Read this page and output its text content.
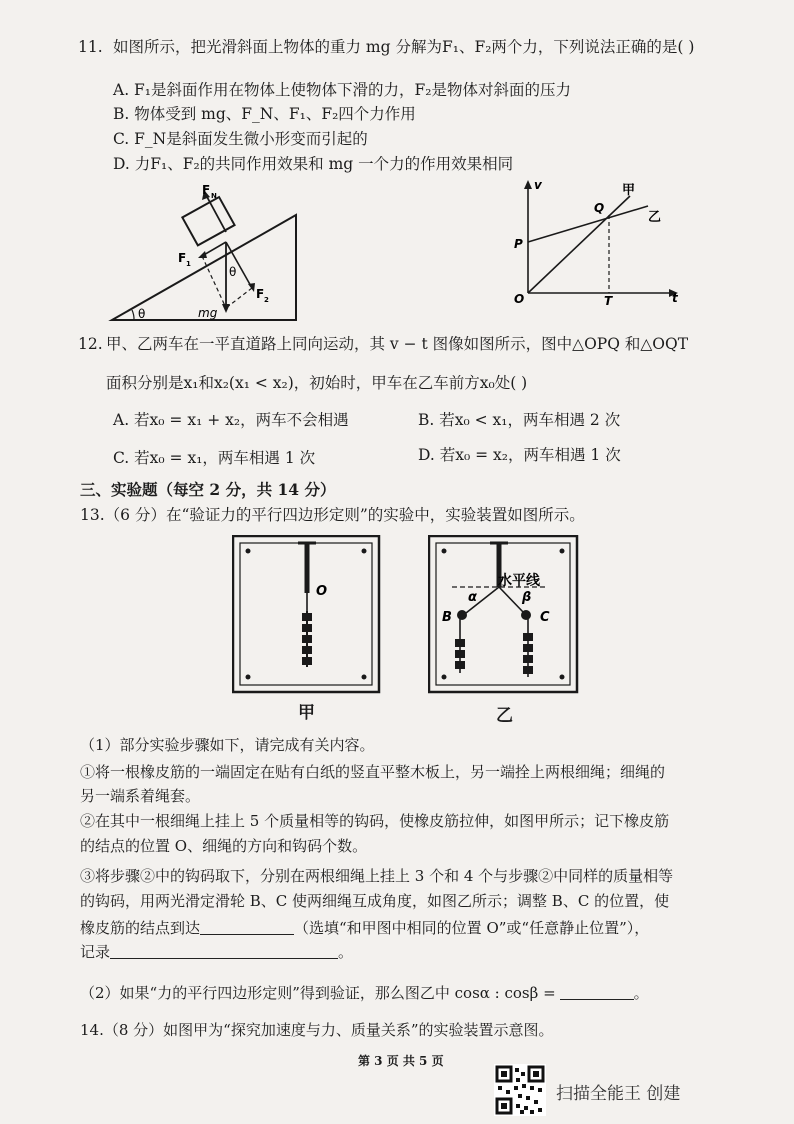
11. 如图所示，把光滑斜面上物体的重力 mg 分解为F₁、F₂两个力，下列说法正确的是( )
A. F₁是斜面作用在物体上使物体下滑的力，F₂是物体对斜面的压力
B. 物体受到 mg、F_N、F₁、F₂四个力作用
C. F_N是斜面发生微小形变而引起的
D. 力F₁、F₂的共同作用效果和 mg 一个力的作用效果相同
F N
F 1
F 2
θ
mg
θ
v
t
甲
乙
Q
P
O	T
12. 甲、乙两车在一平直道路上同向运动，其 v − t 图像如图所示，图中△OPQ 和△OQT
面积分别是x₁和x₂(x₁ < x₂)，初始时，甲车在乙车前方x₀处( )
A. 若x₀ = x₁ + x₂，两车不会相遇	B. 若x₀ < x₁，两车相遇 2 次
C. 若x₀ = x₁，两车相遇 1 次	D. 若x₀ = x₂，两车相遇 1 次
三、实验题（每空 2 分，共 14 分）
13.（6 分）在“验证力的平行四边形定则”的实验中，实验装置如图所示。
O
甲
水平线
α	β
B	C
乙
（1）部分实验步骤如下，请完成有关内容。
①将一根橡皮筋的一端固定在贴有白纸的竖直平整木板上，另一端拴上两根细绳；细绳的
另一端系着绳套。
②在其中一根细绳上挂上 5 个质量相等的钩码，使橡皮筋拉伸，如图甲所示；记下橡皮筋
的结点的位置 O、细绳的方向和钩码个数。
③将步骤②中的钩码取下，分别在两根细绳上挂上 3 个和 4 个与步骤②中同样的质量相等
的钩码，用两光滑定滑轮 B、C 使两细绳互成角度，如图乙所示；调整 B、C 的位置，使
橡皮筋的结点到达	（选填“和甲图中相同的位置 O”或“任意静止位置”），
记录	。
（2）如果“力的平行四边形定则”得到验证，那么图乙中 cosα : cosβ =	。
14.（8 分）如图甲为“探究加速度与力、质量关系”的实验装置示意图。
第 3 页 共 5 页
扫描全能王 创建
